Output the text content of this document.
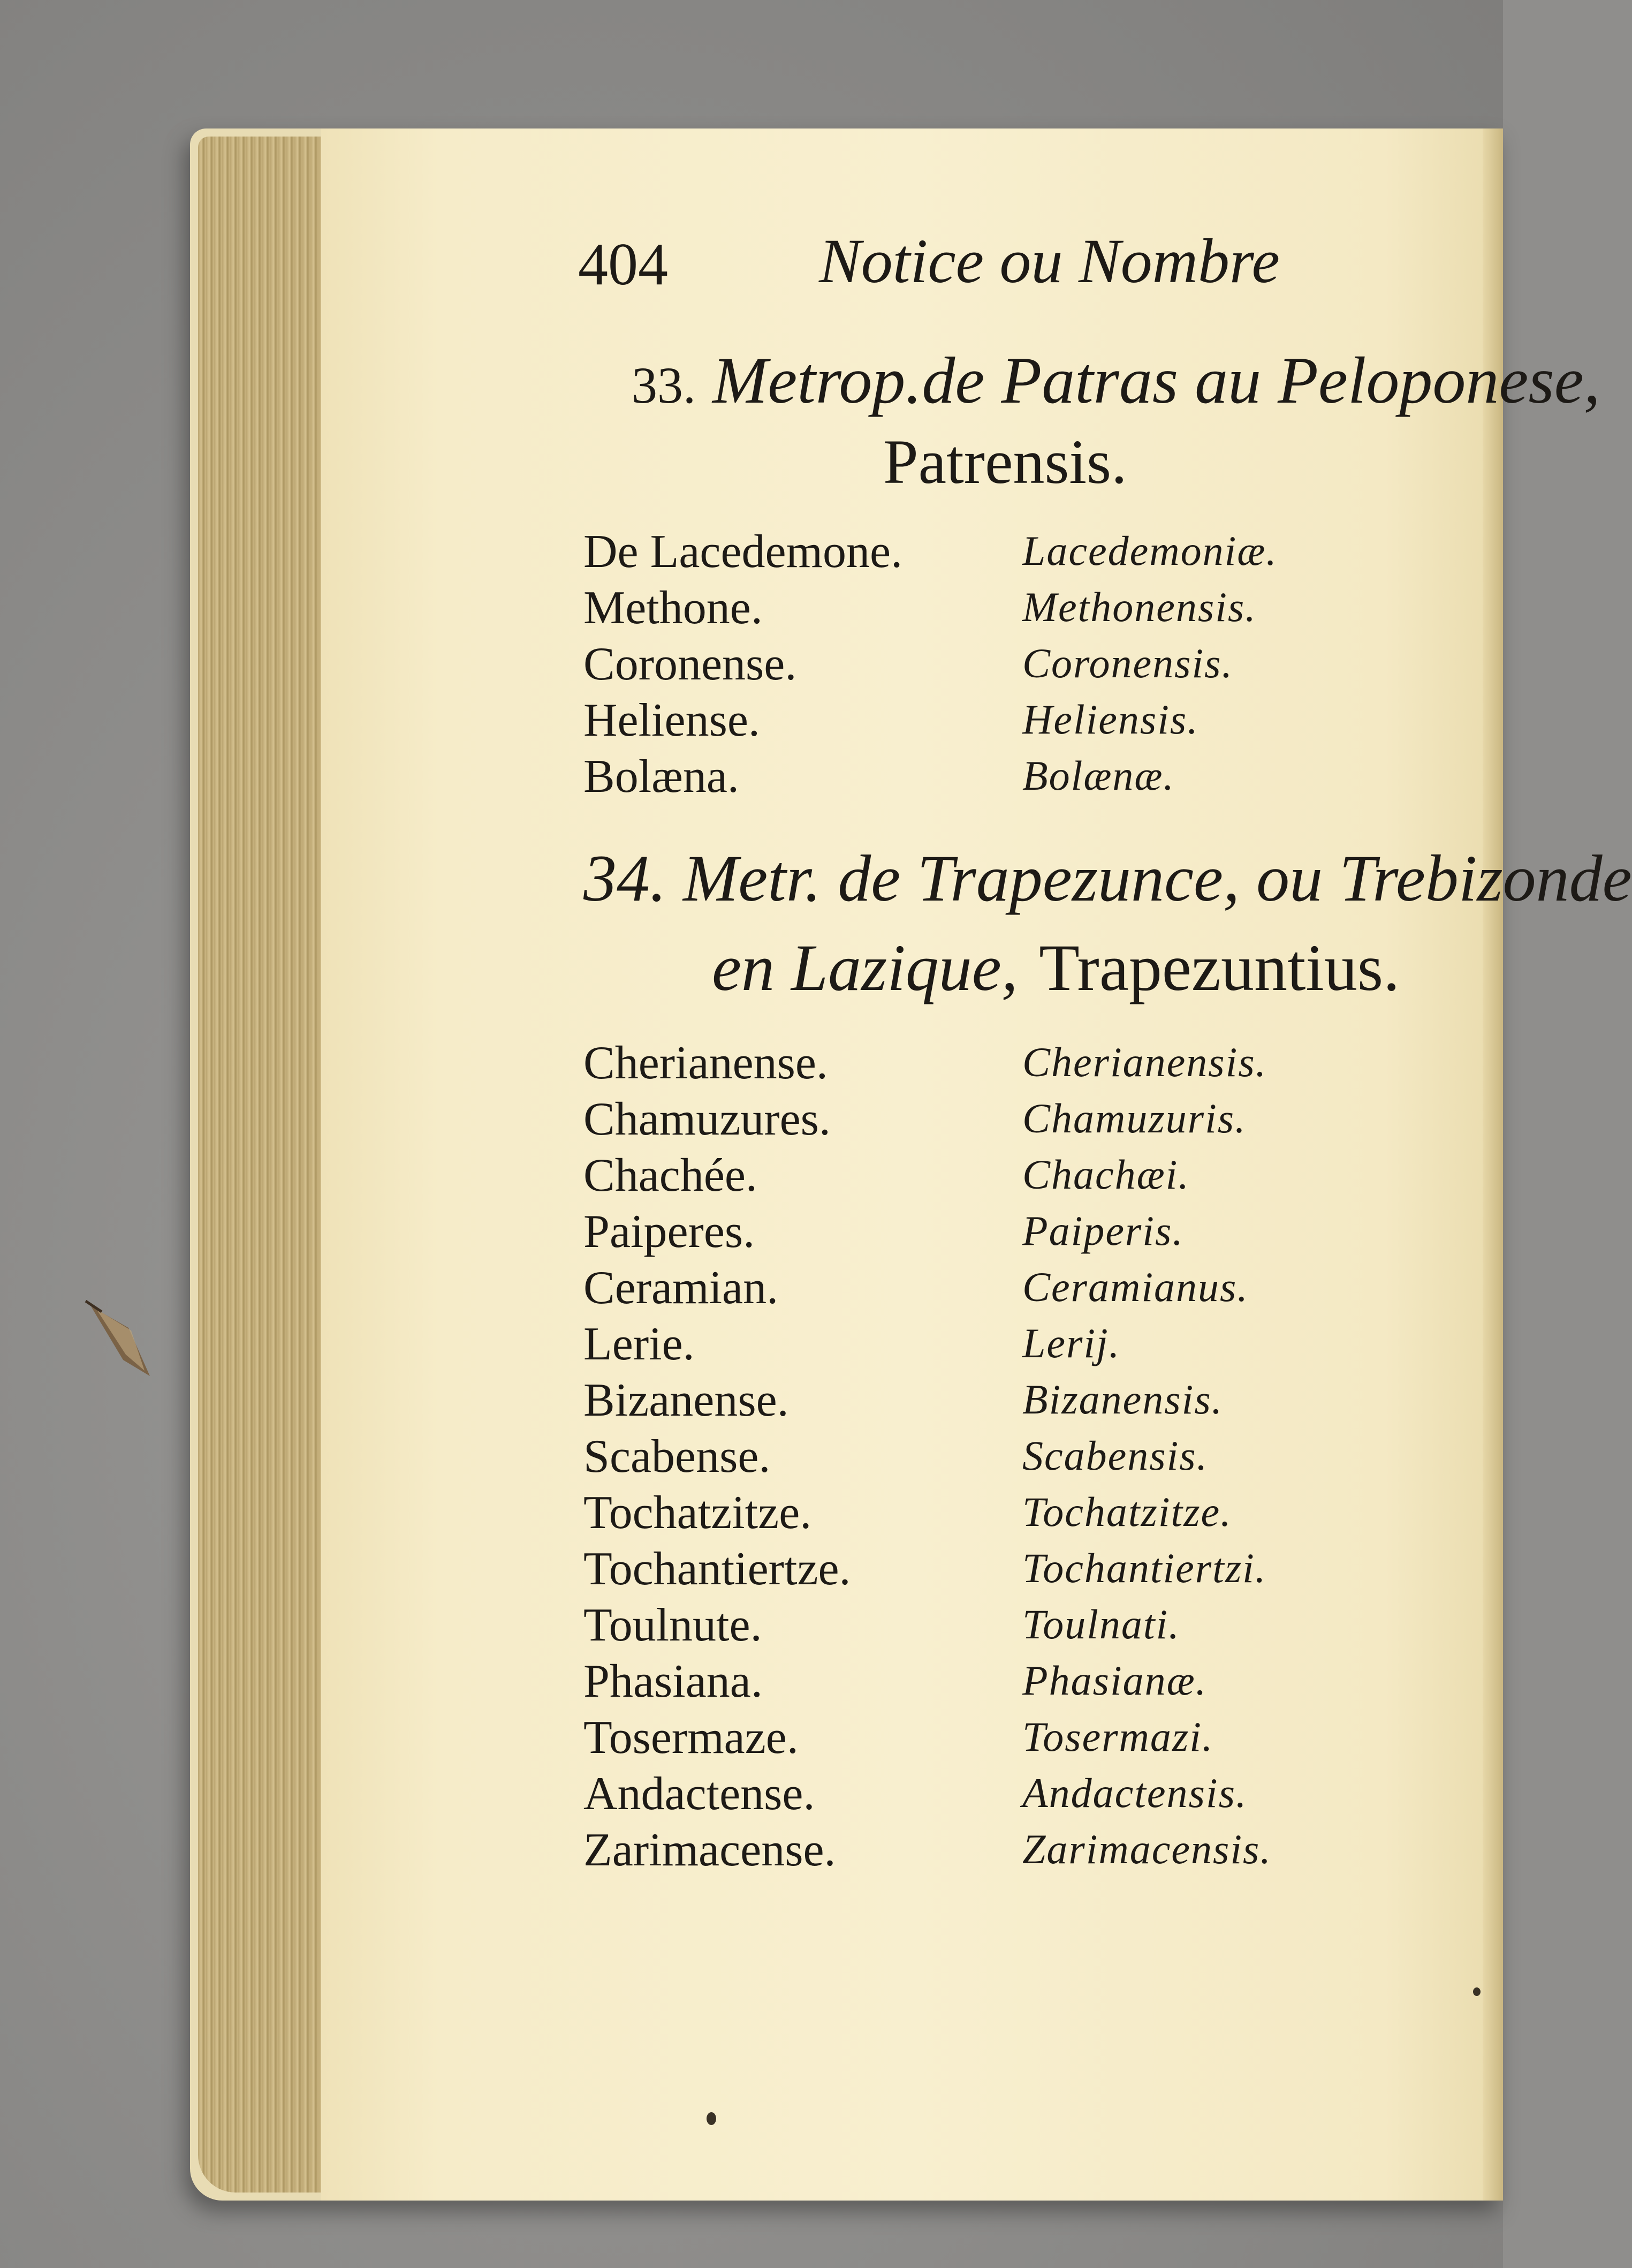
404 Notice ou Nombre
33. Metrop.de Patras au Peloponese,
Patrensis.
De Lacedemone.	Lacedemoniæ.
Methone.	Methonensis.
Coronense.	Coronensis.
Heliense.	Heliensis.
Bolæna.	Bolænæ.
34. Metr. de Trapezunce, ou Trebizonde
en Lazique, Trapezuntius.
Cherianense.	Cherianensis.
Chamuzures.	Chamuzuris.
Chachée.	Chachæi.
Paiperes.	Paiperis.
Ceramian.	Ceramianus.
Lerie.	Lerij.
Bizanense.	Bizanensis.
Scabense.	Scabensis.
Tochatzitze.	Tochatzitze.
Tochantiertze.	Tochantiertzi.
Toulnute.	Toulnati.
Phasiana.	Phasianæ.
Tosermaze.	Tosermazi.
Andactense.	Andactensis.
Zarimacense.	Zarimacensis.
